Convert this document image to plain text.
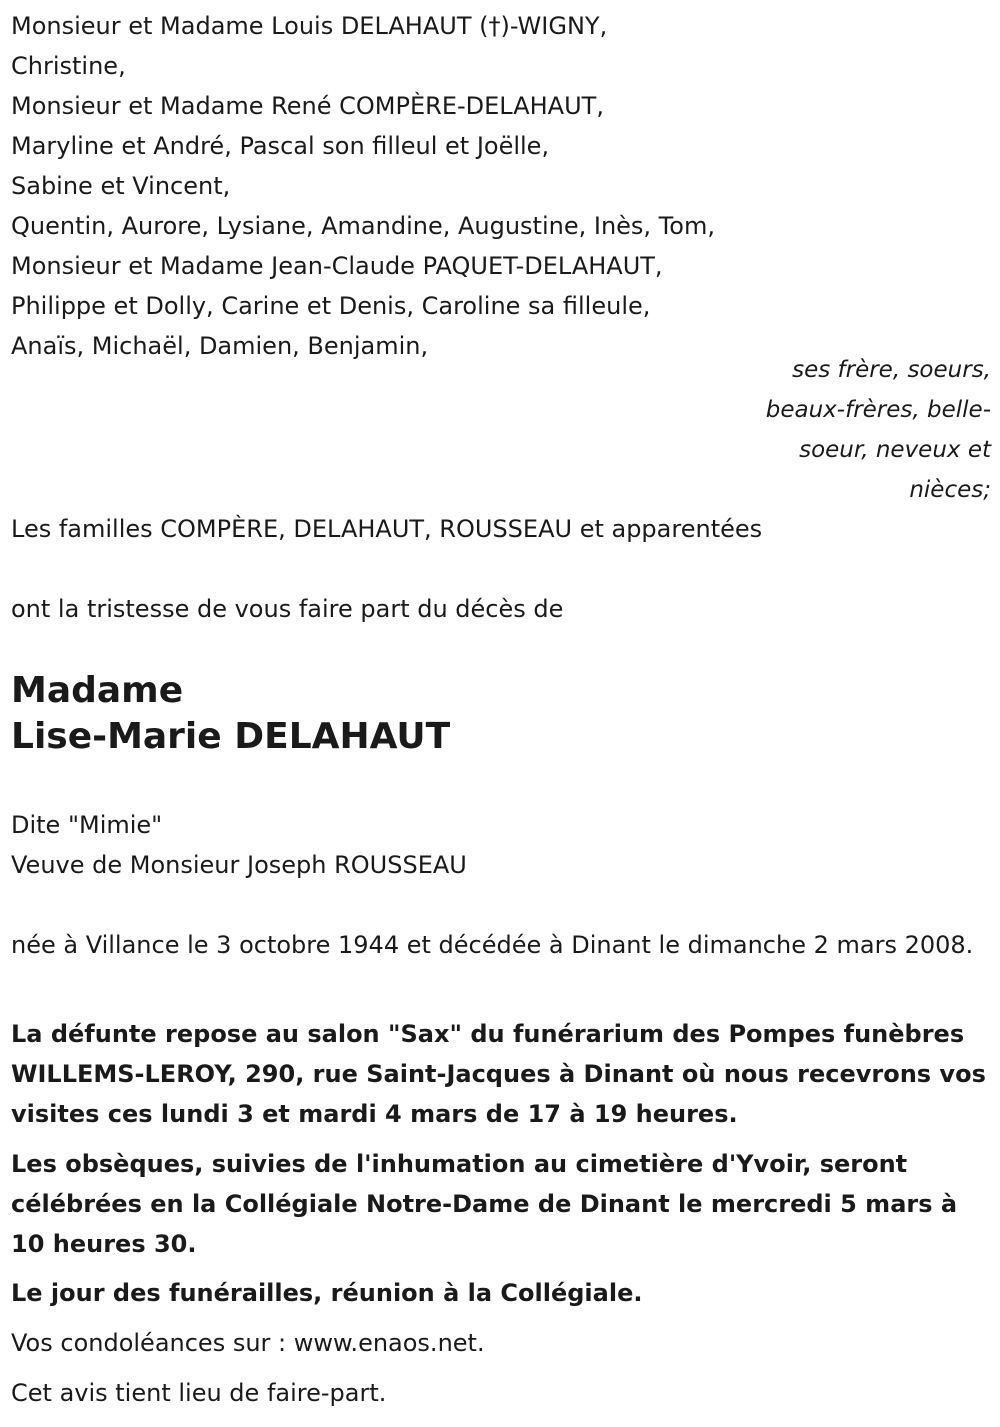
Monsieur et Madame Louis DELAHAUT (†)-WIGNY,
Christine,
Monsieur et Madame René COMPÈRE-DELAHAUT,
Maryline et André, Pascal son filleul et Joëlle,
Sabine et Vincent,
Quentin, Aurore, Lysiane, Amandine, Augustine, Inès, Tom,
Monsieur et Madame Jean-Claude PAQUET-DELAHAUT,
Philippe et Dolly, Carine et Denis, Caroline sa filleule,
Anaïs, Michaël, Damien, Benjamin,
ses frère, soeurs,
beaux-frères, belle-
soeur, neveux et
nièces;
Les familles COMPÈRE, DELAHAUT, ROUSSEAU et apparentées
ont la tristesse de vous faire part du décès de
Madame
Lise-Marie DELAHAUT
Dite "Mimie"
Veuve de Monsieur Joseph ROUSSEAU
née à Villance le 3 octobre 1944 et décédée à Dinant le dimanche 2 mars 2008.
La défunte repose au salon "Sax" du funérarium des Pompes funèbres WILLEMS-LEROY, 290, rue Saint-Jacques à Dinant où nous recevrons vos visites ces lundi 3 et mardi 4 mars de 17 à 19 heures.
Les obsèques, suivies de l'inhumation au cimetière d'Yvoir, seront célébrées en la Collégiale Notre-Dame de Dinant le mercredi 5 mars à 10 heures 30.
Le jour des funérailles, réunion à la Collégiale.
Vos condoléances sur : www.enaos.net.
Cet avis tient lieu de faire-part.
